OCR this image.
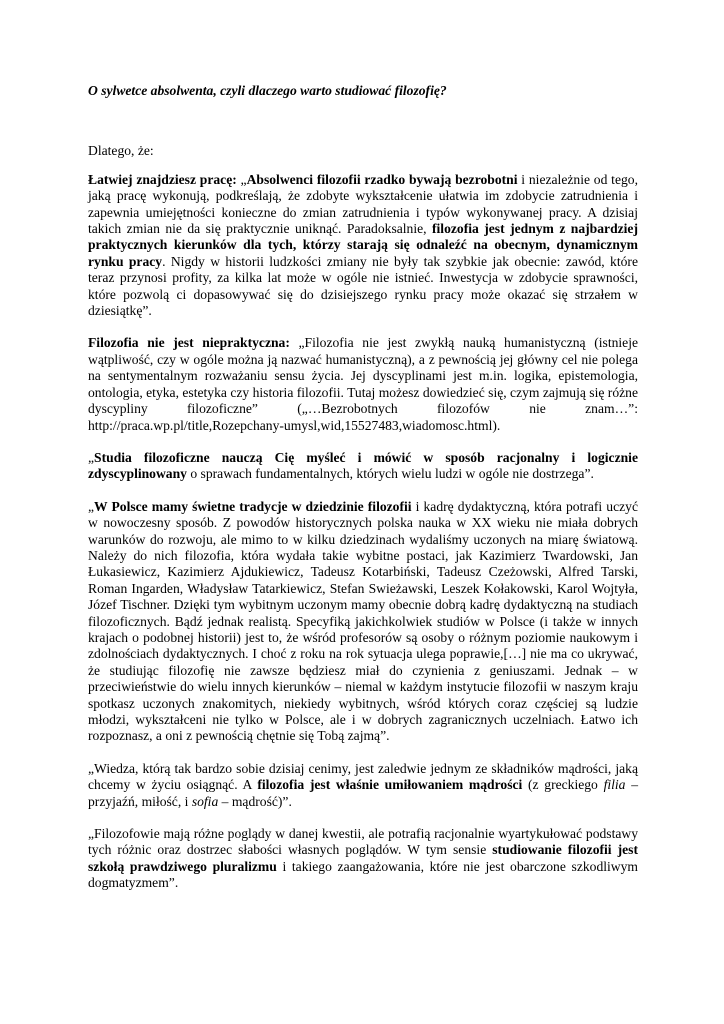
O sylwetce absolwenta, czyli dlaczego warto studiować filozofię?

Dlatego, że:

Łatwiej znajdziesz pracę: „Absolwenci filozofii rzadko bywają bezrobotni i niezależnie od tego, jaką pracę wykonują, podkreślają, że zdobyte wykształcenie ułatwia im zdobycie zatrudnienia i zapewnia umiejętności konieczne do zmian zatrudnienia i typów wykonywanej pracy. A dzisiaj takich zmian nie da się praktycznie uniknąć. Paradoksalnie, filozofia jest jednym z najbardziej praktycznych kierunków dla tych, którzy starają się odnaleźć na obecnym, dynamicznym rynku pracy. Nigdy w historii ludzkości zmiany nie były tak szybkie jak obecnie: zawód, które teraz przynosi profity, za kilka lat może w ogóle nie istnieć. Inwestycja w zdobycie sprawności, które pozwolą ci dopasowywać się do dzisiejszego rynku pracy może okazać się strzałem w dziesiątkę”.

Filozofia nie jest niepraktyczna: „Filozofia nie jest zwykłą nauką humanistyczną (istnieje wątpliwość, czy w ogóle można ją nazwać humanistyczną), a z pewnością jej główny cel nie polega na sentymentalnym rozważaniu sensu życia. Jej dyscyplinami jest m.in. logika, epistemologia, ontologia, etyka, estetyka czy historia filozofii. Tutaj możesz dowiedzieć się, czym zajmują się różne dyscypliny filozoficzne” („…Bezrobotnych filozofów nie znam…”: http://praca.wp.pl/title,Rozepchany-umysl,wid,15527483,wiadomosc.html).

„Studia filozoficzne nauczą Cię myśleć i mówić w sposób racjonalny i logicznie zdyscyplinowany o sprawach fundamentalnych, których wielu ludzi w ogóle nie dostrzega”.

„W Polsce mamy świetne tradycje w dziedzinie filozofii i kadrę dydaktyczną, która potrafi uczyć w nowoczesny sposób. Z powodów historycznych polska nauka w XX wieku nie miała dobrych warunków do rozwoju, ale mimo to w kilku dziedzinach wydaliśmy uczonych na miarę światową. Należy do nich filozofia, która wydała takie wybitne postaci, jak Kazimierz Twardowski, Jan Łukasiewicz, Kazimierz Ajdukiewicz, Tadeusz Kotarbiński, Tadeusz Czeżowski, Alfred Tarski, Roman Ingarden, Władysław Tatarkiewicz, Stefan Swieżawski, Leszek Kołakowski, Karol Wojtyła, Józef Tischner. Dzięki tym wybitnym uczonym mamy obecnie dobrą kadrę dydaktyczną na studiach filozoficznych. Bądź jednak realistą. Specyfiką jakichkolwiek studiów w Polsce (i także w innych krajach o podobnej historii) jest to, że wśród profesorów są osoby o różnym poziomie naukowym i zdolnościach dydaktycznych. I choć z roku na rok sytuacja ulega poprawie,[…] nie ma co ukrywać, że studiując filozofię nie zawsze będziesz miał do czynienia z geniuszami. Jednak – w przeciwieństwie do wielu innych kierunków – niemal w każdym instytucie filozofii w naszym kraju spotkasz uczonych znakomitych, niekiedy wybitnych, wśród których coraz częściej są ludzie młodzi, wykształceni nie tylko w Polsce, ale i w dobrych zagranicznych uczelniach. Łatwo ich rozpoznasz, a oni z pewnością chętnie się Tobą zajmą”.

„Wiedza, którą tak bardzo sobie dzisiaj cenimy, jest zaledwie jednym ze składników mądrości, jaką chcemy w życiu osiągnąć. A filozofia jest właśnie umiłowaniem mądrości (z greckiego filia – przyjaźń, miłość, i sofia – mądrość)”.

„Filozofowie mają różne poglądy w danej kwestii, ale potrafią racjonalnie wyartykułować podstawy tych różnic oraz dostrzec słabości własnych poglądów. W tym sensie studiowanie filozofii jest szkołą prawdziwego pluralizmu i takiego zaangażowania, które nie jest obarczone szkodliwym dogmatyzmem”.
